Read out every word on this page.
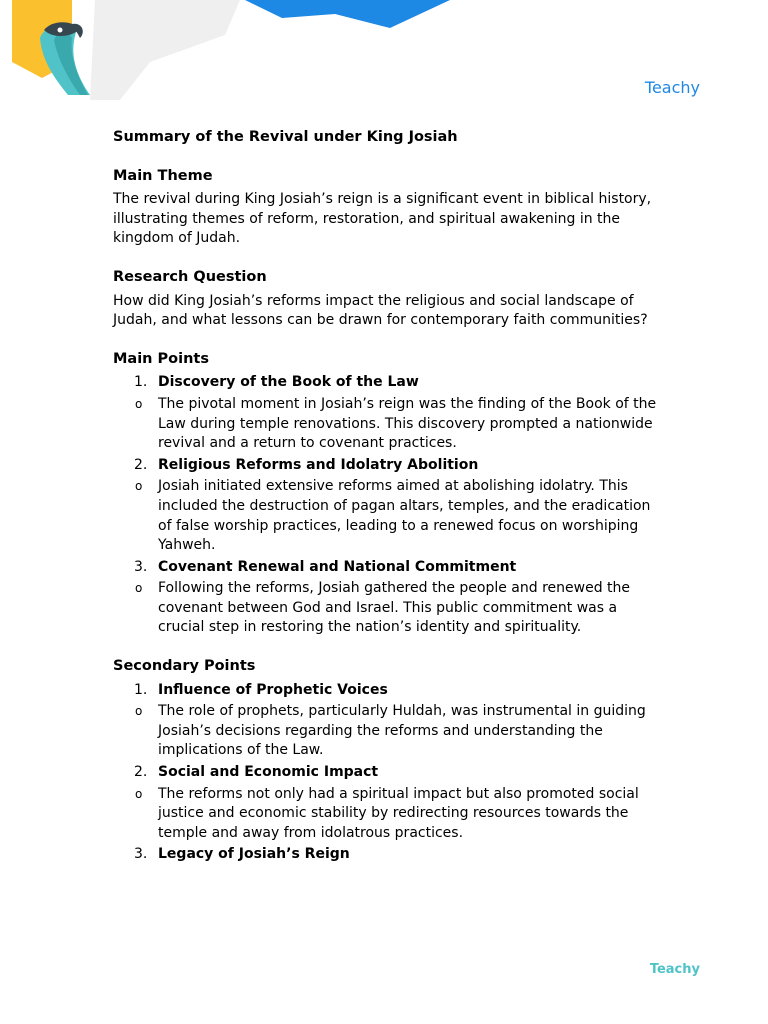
Teachy
Summary of the Revival under King Josiah
Main Theme

The revival during King Josiah’s reign is a significant event in biblical history, illustrating themes of reform, restoration, and spiritual awakening in the kingdom of Judah.

Research Question

How did King Josiah’s reforms impact the religious and social landscape of Judah, and what lessons can be drawn for contemporary faith communities?

Main Points
1. Discovery of the Book of the Law
o The pivotal moment in Josiah’s reign was the finding of the Book of the Law during temple renovations. This discovery prompted a nationwide revival and a return to covenant practices.
2. Religious Reforms and Idolatry Abolition
o Josiah initiated extensive reforms aimed at abolishing idolatry. This included the destruction of pagan altars, temples, and the eradication of false worship practices, leading to a renewed focus on worshiping Yahweh.
3. Covenant Renewal and National Commitment
o Following the reforms, Josiah gathered the people and renewed the covenant between God and Israel. This public commitment was a crucial step in restoring the nation’s identity and spirituality.
Secondary Points
1. Influence of Prophetic Voices
o The role of prophets, particularly Huldah, was instrumental in guiding Josiah’s decisions regarding the reforms and understanding the implications of the Law.
2. Social and Economic Impact
o The reforms not only had a spiritual impact but also promoted social justice and economic stability by redirecting resources towards the temple and away from idolatrous practices.
3. Legacy of Josiah’s Reign
Teachy
